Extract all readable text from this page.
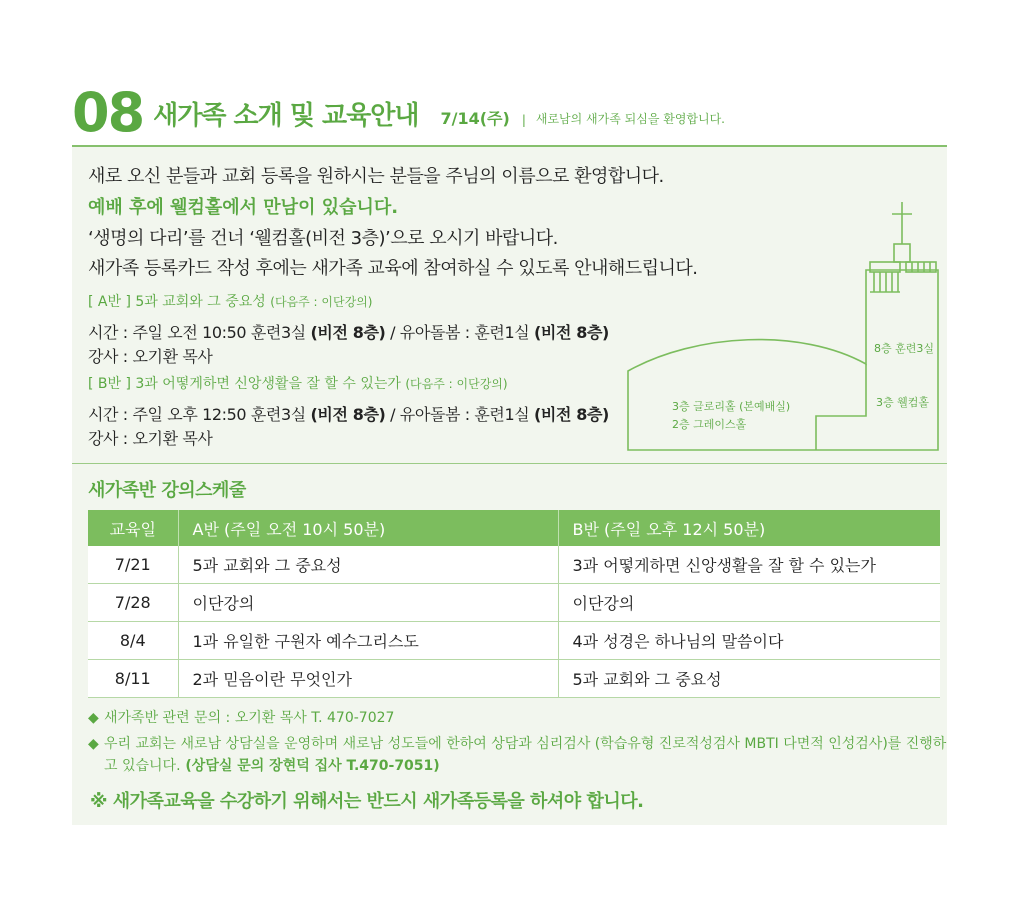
08 새가족 소개 및 교육안내 7/14(주) | 새로남의 새가족 되심을 환영합니다.
새로 오신 분들과 교회 등록을 원하시는 분들을 주님의 이름으로 환영합니다.
예배 후에 웰컴홀에서 만남이 있습니다.
‘생명의 다리’를 건너 ‘웰컴홀(비전 3층)’으로 오시기 바랍니다.
새가족 등록카드 작성 후에는 새가족 교육에 참여하실 수 있도록 안내해드립니다.
[ A반 ] 5과 교회와 그 중요성 (다음주 : 이단강의)
시간 : 주일 오전 10:50 훈련3실 (비전 8층) / 유아돌봄 : 훈련1실 (비전 8층)
강사 : 오기환 목사
[ B반 ] 3과 어떻게하면 신앙생활을 잘 할 수 있는가 (다음주 : 이단강의)
시간 : 주일 오후 12:50 훈련3실 (비전 8층) / 유아돌봄 : 훈련1실 (비전 8층)
강사 : 오기환 목사
3층 글로리홀 (본예배실)
2층 그레이스홀
8층 훈련3실
3층 웰컴홀
새가족반 강의스케줄
교육일	A반 (주일 오전 10시 50분)	B반 (주일 오후 12시 50분)
7/21	5과 교회와 그 중요성	3과 어떻게하면 신앙생활을 잘 할 수 있는가
7/28	이단강의	이단강의
8/4	1과 유일한 구원자 예수그리스도	4과 성경은 하나님의 말씀이다
8/11	2과 믿음이란 무엇인가	5과 교회와 그 중요성
◆ 새가족반 관련 문의 : 오기환 목사 T. 470-7027
◆ 우리 교회는 새로남 상담실을 운영하며 새로남 성도들에 한하여 상담과 심리검사 (학습유형 진로적성검사 MBTI 다면적 인성검사)를 진행하고 있습니다. (상담실 문의 장현덕 집사 T.470-7051)
※ 새가족교육을 수강하기 위해서는 반드시 새가족등록을 하셔야 합니다.
